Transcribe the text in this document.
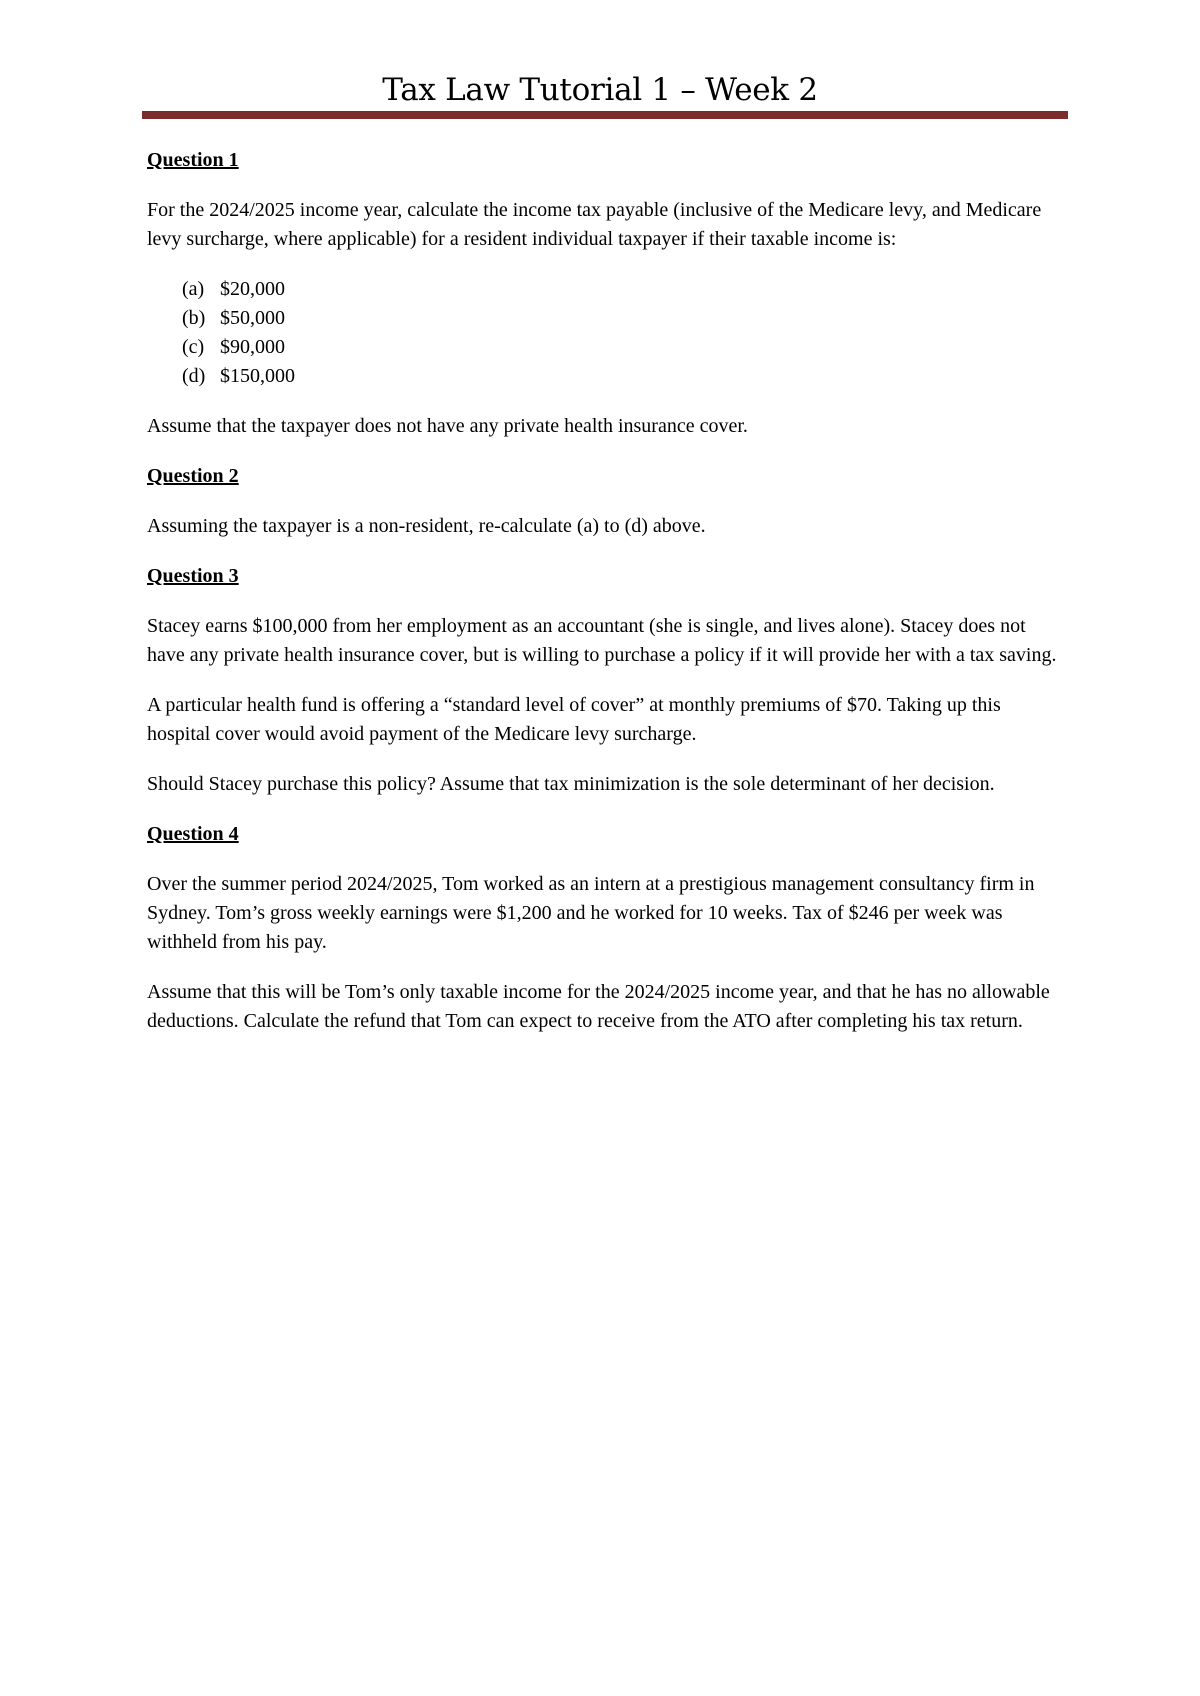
Tax Law Tutorial 1 – Week 2
Question 1

For the 2024/2025 income year, calculate the income tax payable (inclusive of the Medicare levy, and Medicare levy surcharge, where applicable) for a resident individual taxpayer if their taxable income is:

(a) $20,000
(b) $50,000
(c) $90,000
(d) $150,000

Assume that the taxpayer does not have any private health insurance cover.

Question 2

Assuming the taxpayer is a non-resident, re-calculate (a) to (d) above.

Question 3

Stacey earns $100,000 from her employment as an accountant (she is single, and lives alone). Stacey does not have any private health insurance cover, but is willing to purchase a policy if it will provide her with a tax saving.

A particular health fund is offering a “standard level of cover” at monthly premiums of $70. Taking up this hospital cover would avoid payment of the Medicare levy surcharge.

Should Stacey purchase this policy? Assume that tax minimization is the sole determinant of her decision.

Question 4

Over the summer period 2024/2025, Tom worked as an intern at a prestigious management consultancy firm in Sydney. Tom’s gross weekly earnings were $1,200 and he worked for 10 weeks. Tax of $246 per week was withheld from his pay.

Assume that this will be Tom’s only taxable income for the 2024/2025 income year, and that he has no allowable deductions. Calculate the refund that Tom can expect to receive from the ATO after completing his tax return.
